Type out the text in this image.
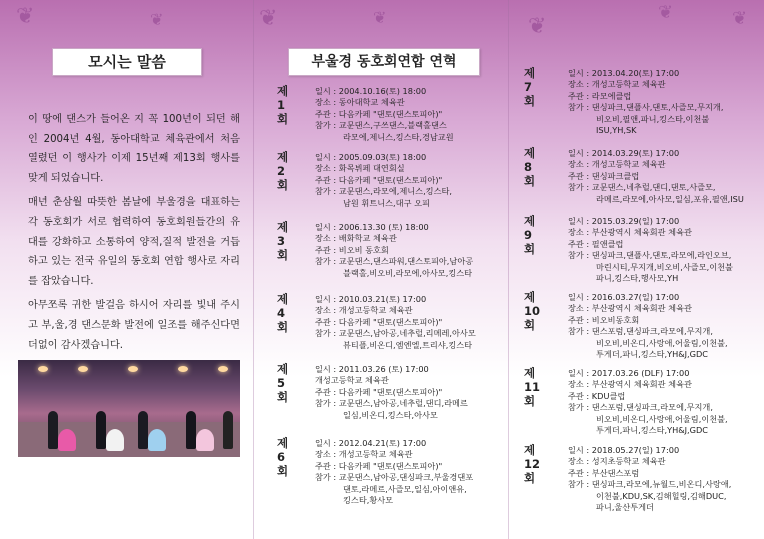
❦	❦
모시는 말씀

이 땅에 댄스가 들어온 지 꼭 100년이 되던 해인 2004년 4월, 동아대학교 체육관에서 처음 열렸던 이 행사가 이제 15년째 제13회 행사를 맞게 되었습니다.

매년 춘삼월 따뜻한 봄날에 부울경을 대표하는 각 동호회가 서로 협력하여 동호회원들간의 유대를 강화하고 소통하여 양적,질적 발전을 거듭하고 있는 전국 유일의 동호회 연합 행사로 자리를 잡았습니다.

아무쪼록 귀한 발걸음 하시어 자리를 빛내 주시고 부,울,경 댄스문화 발전에 일조를 해주신다면 더없이 감사겠습니다.

❦	❦
부울경 동호회연합 연혁
제1회
일시 : 2004.10.16(토) 18:00
장소 : 동아대학교 체육관
주관 : 다음카페 "댄토(댄스토피아)"
참가 : 교문댄스,구쓰댄스,블랙홀댄스
라모에,제니스,킹스타,경남교원
제2회
일시 : 2005.09.03(토) 18:00
장소 : 화목뷔페 대연회실
주관 : 다음카페 "댄토(댄스토피아)"
참가 : 교문댄스,라모에,제니스,킹스타,
남원 휘트니스,대구 오피
제3회
일시 : 2006.13.30 (토) 18:00
장소 : 배화학교 체육관
주관 : 비오비 동호회
참가 : 교문댄스,댄스파워,댄스토피아,남아공
블랙홀,비오비,라모에,아사모,킹스타
제4회
일시 : 2010.03.21(토) 17:00
장소 : 개성고등학교 체육관
주관 : 다음카페 "댄토(댄스토피아)"
참가 : 교문댄스,남아공,네추럴,리메레,아사모
뷰티플,비온디,엠엔엘,트리샤,킹스타
제5회
일시 : 2011.03.26 (토) 17:00
개성고등학교 체육관
주관 : 다음카페 "댄토(댄스토피아)"
참가 : 교문댄스,남아공,네추럴,댄디,라메르
일심,비온디,킹스타,아사모
제6회
일시 : 2012.04.21(토) 17:00
장소 : 개성고등학교 체육관
주관 : 다음카페 "댄토(댄스토피아)"
참가 : 교문댄스,남아공,댄싱파크,부울경댄포
댄토,라메르,사즐모,일심,아이앤유,
킹스타,황사모
❦
❦	❦
제7회
일시 : 2013.04.20(토) 17:00
장소 : 개성고등학교 체육관
주관 : 라모에클럽
참가 : 댄싱파크,댄플사,댄토,사즐모,무지개,
비오비,필앤,파니,킹스타,이천불
ISU,YH,SK
제8회
일시 : 2014.03.29(토) 17:00
장소 : 개성고등학교 체육관
주관 : 댄싱파크클럽
참가 : 교문댄스,네추럴,댄디,댄토,사즐모,
라메르,라모에,아사모,일심,포유,필앤,ISU
제9회
일시 : 2015.03.29(일) 17:00
장소 : 부산광역시 체육회관 체육관
주관 : 필앤클럽
참가 : 댄싱파크,댄플사,댄토,라모에,라인오브,
마린시티,무지개,비오비,사즐모,이천불
파니,킹스타,행사모,YH
제10회
일시 : 2016.03.27(일) 17:00
장소 : 부산광역시 체육회관 체육관
주관 : 비오비동호회
참가 : 댄스포럼,댄싱파크,라모에,무지개,
비오비,비온디,사랑애,어울림,이천불,
투게더,파니,킹스타,YH&J,GDC
제11회
일시 : 2017.03.26 (DLF) 17:00
장소 : 부산광역시 체육회관 체육관
주관 : KDU클럽
참가 : 댄스포럼,댄싱파크,라모에,무지개,
비오비,비온디,사랑애,어울림,이천불,
투게더,파니,킹스타,YH&J,GDC
제12회
일시 : 2018.05.27(일) 17:00
장소 : 성지초등학교 체육관
주관 : 부산댄스포럼
참가 : 댄싱파크,라모에,뉴월드,비온디,사랑애,
이천불,KDU,SK,김해힐링,김해DUC,
파니,울산투게더
